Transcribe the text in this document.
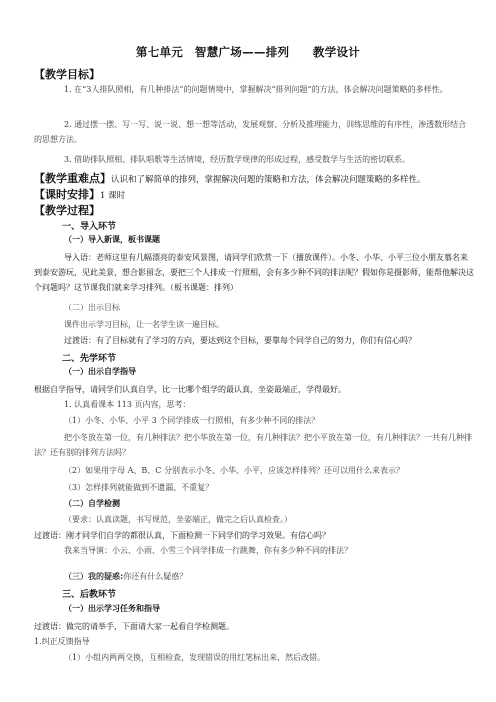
第七单元　智慧广场——排列　　教学设计
【教学目标】
1. 在“3人排队照相，有几种排法”的问题情境中，掌握解决“排列问题”的方法，体会解决问题策略的多样性。
2. 通过摆一摆、写一写、说一说、想一想等活动，发展观察、分析及推理能力，训练思维的有序性，渗透数形结合的思想方法。
3. 借助排队照相、排队唱歌等生活情境，经历数学规律的形成过程，感受数学与生活的密切联系。
【教学重难点】认识和了解简单的排列，掌握解决问题的策略和方法，体会解决问题策略的多样性。
【课时安排】1 课时
【教学过程】
一、导入环节
（一）导入新课，板书课题
导入语：老师这里有几幅漂亮的泰安风景图，请同学们欣赏一下（播放课件）。小冬、小华、小平三位小朋友慕名来到泰安游玩，见此美景，想合影留念，要把三个人排成一行照相，会有多少种不同的排法呢？假如你是摄影师，能帮他解决这个问题吗？这节课我们就来学习排列。（板书课题：排列）
（二）出示目标
课件出示学习目标，让一名学生读一遍目标。
过渡语：有了目标就有了学习的方向，要达到这个目标，要靠每个同学自己的努力，你们有信心吗？
二、先学环节
（一）出示自学指导
根据自学指导，请同学们认真自学，比一比哪个组学的最认真，坐姿最端正，学得最好。
1. 认真看课本 113 页内容，思考：
（1）小冬、小华、小平 3 个同学排成一行照相，有多少种不同的排法？
把小冬放在第一位，有几种排法？把小华放在第一位，有几种排法？把小平放在第一位，有几种排法？一共有几种排法？还有别的排列方法吗？
（2）如果用字母 A、B、C 分别表示小冬、小华、小平，应该怎样排列？还可以用什么来表示？
（3）怎样排列就能做到不遗漏、不重复？
（二）自学检测
（要求：认真读题，书写规范，坐姿端正，做完之后认真检查。）
过渡语：刚才同学们自学的都很认真，下面检测一下同学们的学习效果。有信心吗？
我来当导演：小云、小雨、小雪三个同学排成一行跳舞，你有多少种不同的排法？
（三）我的疑惑:你还有什么疑惑？
三、后教环节
（一）出示学习任务和指导
过渡语：做完的请举手，下面请大家一起看自学检测题。
1.纠正反馈指导
（1）小组内两两交换，互相检查，发现错误的用红笔标出来，然后改错。
